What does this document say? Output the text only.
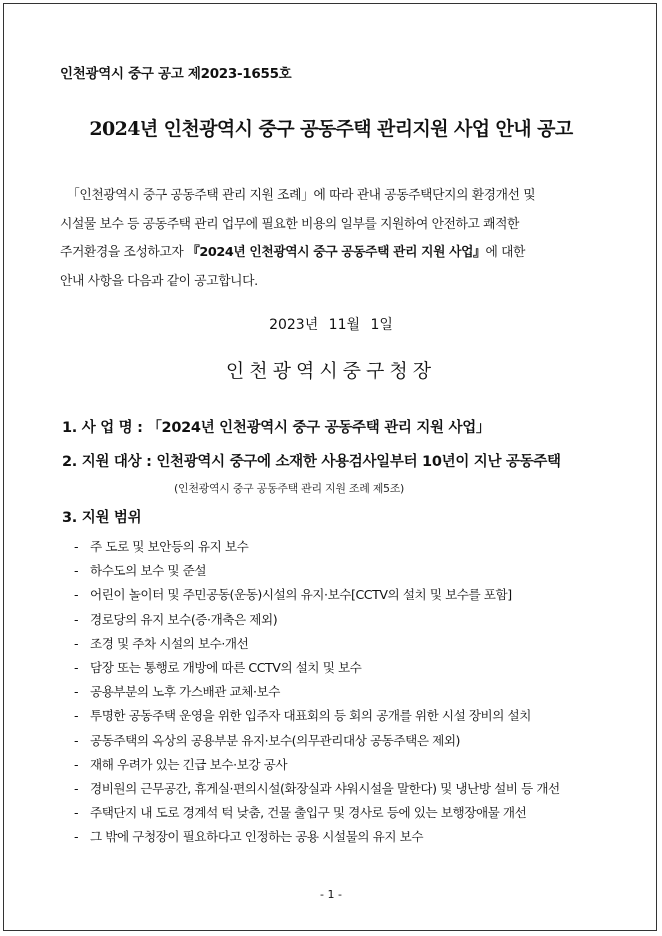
인천광역시 중구 공고 제2023-1655호
2024년 인천광역시 중구 공동주택 관리지원 사업 안내 공고
「인천광역시 중구 공동주택 관리 지원 조례」에 따라 관내 공동주택단지의 환경개선 및
시설물 보수 등 공동주택 관리 업무에 필요한 비용의 일부를 지원하여 안전하고 쾌적한
주거환경을 조성하고자 『2024년 인천광역시 중구 공동주택 관리 지원 사업』에 대한
안내 사항을 다음과 같이 공고합니다.
2023년 11월 1일
인천광역시중구청장
1. 사 업 명 : 「2024년 인천광역시 중구 공동주택 관리 지원 사업」
2. 지원 대상 : 인천광역시 중구에 소재한 사용검사일부터 10년이 지난 공동주택
(인천광역시 중구 공동주택 관리 지원 조례 제5조)
3. 지원 범위
- 주 도로 및 보안등의 유지 보수
- 하수도의 보수 및 준설
- 어린이 놀이터 및 주민공동(운동)시설의 유지·보수[CCTV의 설치 및 보수를 포함]
- 경로당의 유지 보수(증·개축은 제외)
- 조경 및 주차 시설의 보수·개선
- 담장 또는 통행로 개방에 따른 CCTV의 설치 및 보수
- 공용부분의 노후 가스배관 교체·보수
- 투명한 공동주택 운영을 위한 입주자 대표회의 등 회의 공개를 위한 시설 장비의 설치
- 공동주택의 옥상의 공용부분 유지·보수(의무관리대상 공동주택은 제외)
- 재해 우려가 있는 긴급 보수·보강 공사
- 경비원의 근무공간, 휴게실·편의시설(화장실과 샤워시설을 말한다) 및 냉난방 설비 등 개선
- 주택단지 내 도로 경계석 턱 낮춤, 건물 출입구 및 경사로 등에 있는 보행장애물 개선
- 그 밖에 구청장이 필요하다고 인정하는 공용 시설물의 유지 보수
- 1 -
